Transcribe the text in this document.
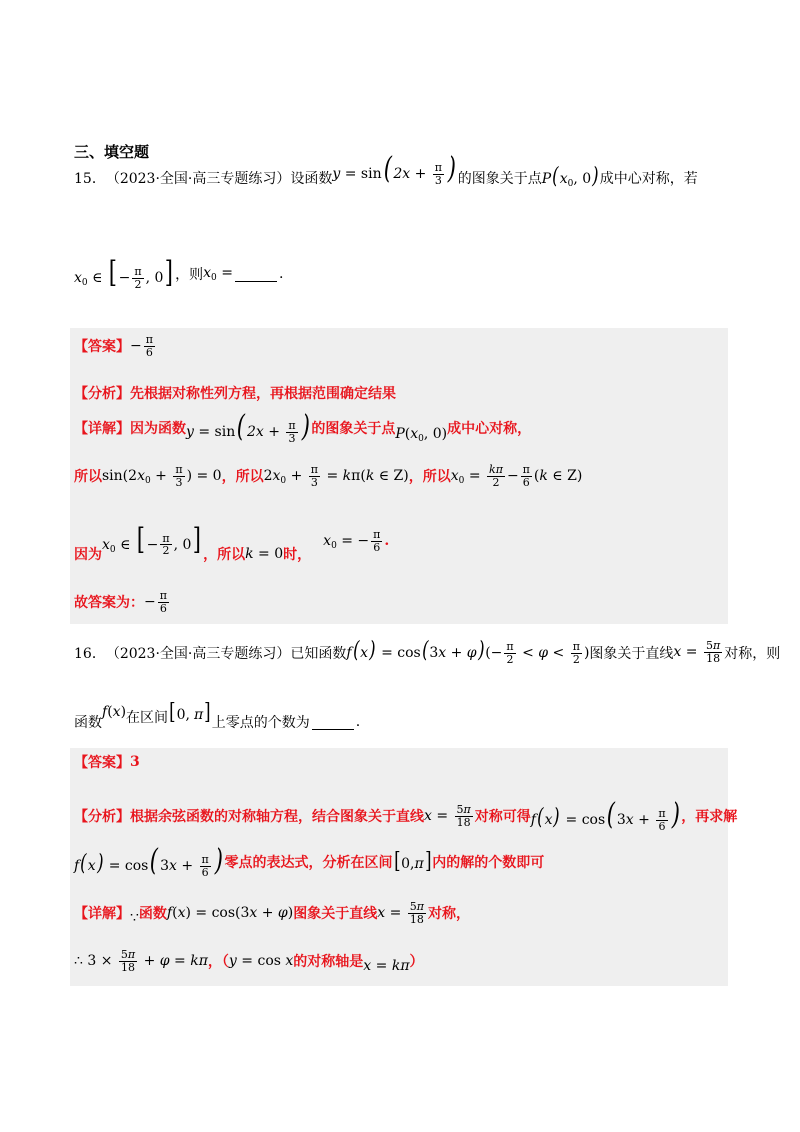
三、填空题
15． （2023·全国·高三专题练习） 设函数 y = sin( $2x + \frac{\pi}{3}$ ) 的图象关于点 $P(x_0$, 0) 成中心对称，若
$x_0$ ∈ [ − $\frac{\pi}{2}$ , 0] ，则 $x_0$ =	.
【答案】 − $\frac{\pi}{6}$
【分析】 先根据对称性列方程，再根据范围确定结果
【详解】 因为函数 y = sin( $2x + \frac{\pi}{3}$ ) 的图象关于点 $P(x_0$, 0) 成中心对称，
所以 $\sin(2x_0 + \frac{\pi}{3}$ ) = 0 ，所以 $2x_0 + \frac{\pi}{3} = k\pi(k$ ∈ Z) ，所以 $x_0 = \frac{k\pi}{2} - \frac{\pi}{6} (k$ ∈ Z)
因为
$x_0$ ∈ [ − $\frac{\pi}{2}$ , 0] ，所以 k = 0 时，
$x_0$ = − $\frac{\pi}{6}$ .
故答案为： − $\frac{\pi}{6}$
16． （2023·全国·高三专题练习） 已知函数 $f(x) = \cos(3x + \varphi)(- \frac{\pi}{2} < \varphi < \frac{\pi}{2}$ ) 图象关于直线 $x = \frac{5\pi}{18}$ 对称，则
函数
f(x) 在区间 [0, π] 上零点的个数为	.
【答案】 3
【分析】 根据余弦函数的对称轴方程，结合图象关于直线 $x = \frac{5\pi}{18}$ 对称可得 f(x) = cos( $3x + \frac{\pi}{6}$ ) ，再求解
f(x) = cos( $3x + \frac{\pi}{6}$ ) 零点的表达式，分析在区间 [0,π] 内的解的个数即可
【详解】 ∵ 函数 f(x) = cos(3x + φ) 图象关于直线 $x = \frac{5\pi}{18}$ 对称，
∴ $3 \times \frac{5\pi}{18} + \varphi = k\pi$ ，（ y = cos x 的对称轴是 x = kπ ）
